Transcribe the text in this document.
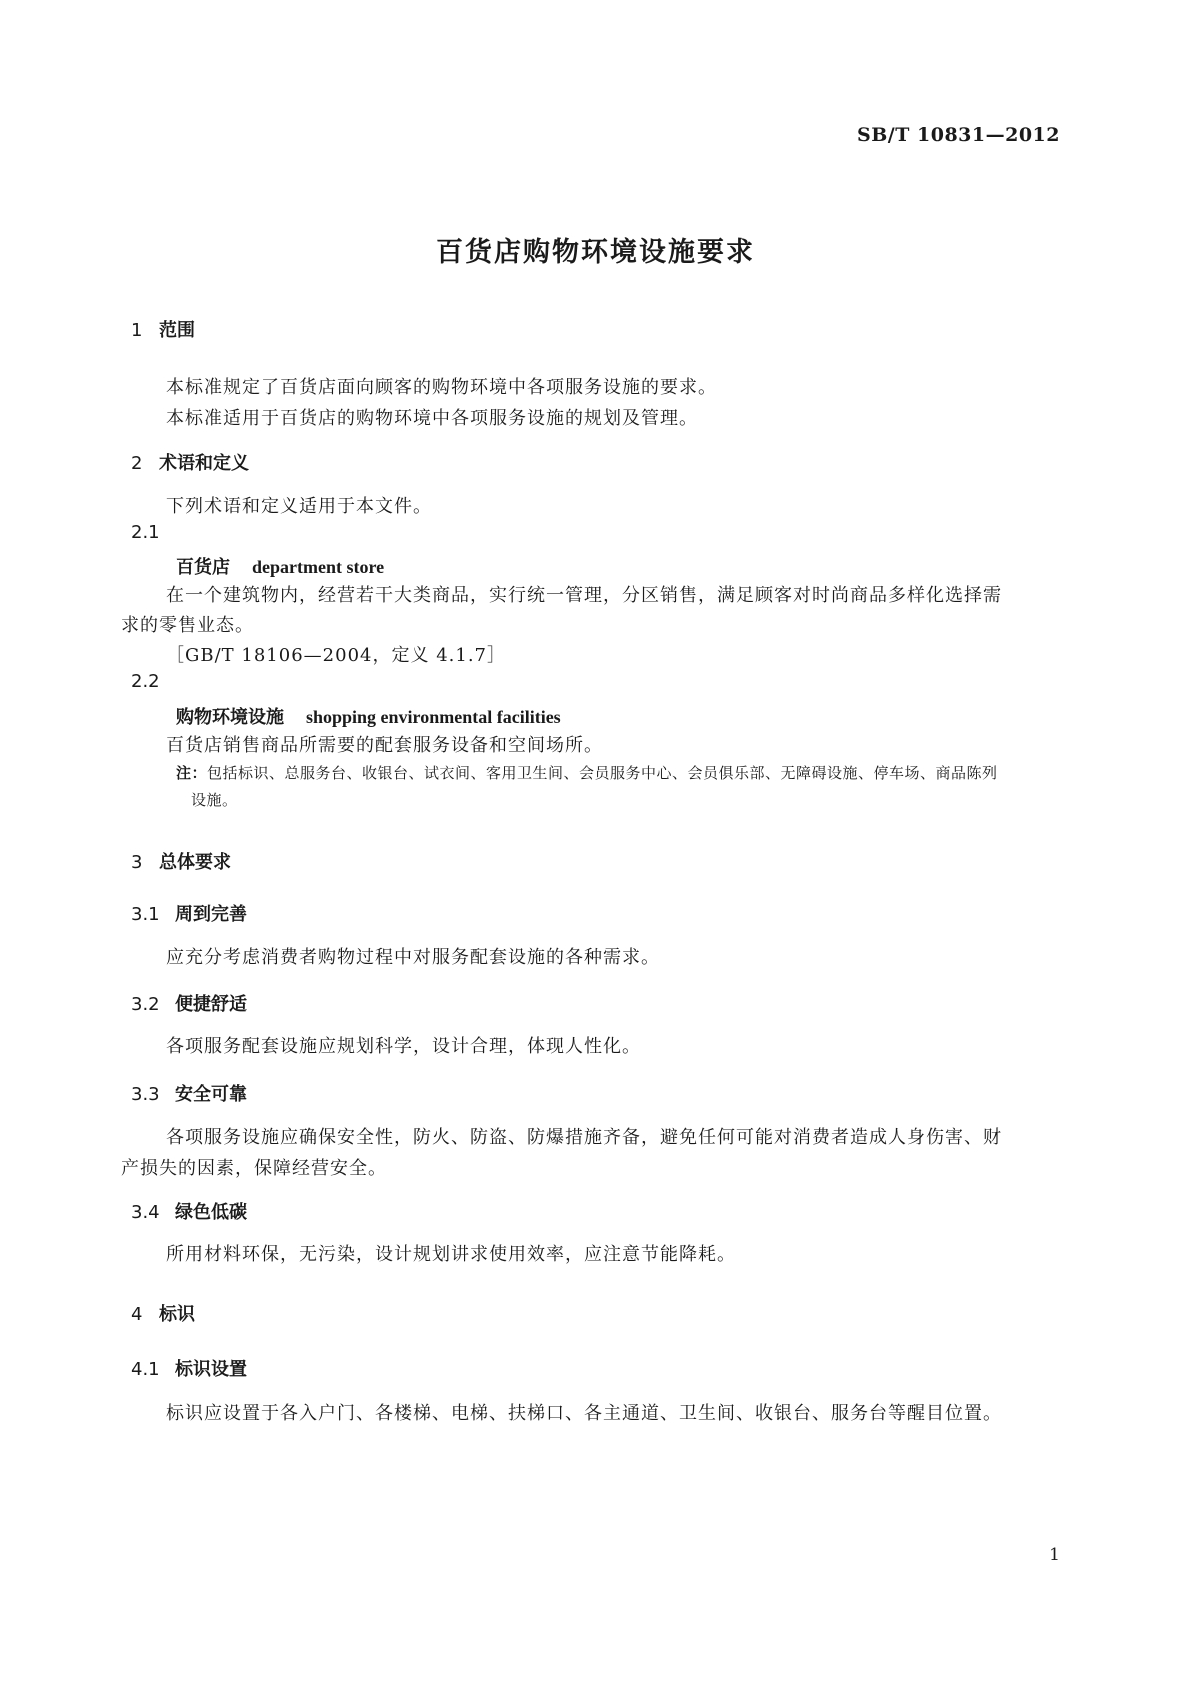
SB/T 10831—2012
百货店购物环境设施要求
1 范围
本标准规定了百货店面向顾客的购物环境中各项服务设施的要求。
本标准适用于百货店的购物环境中各项服务设施的规划及管理。
2 术语和定义
下列术语和定义适用于本文件。
2.1
百货店 department store
在一个建筑物内，经营若干大类商品，实行统一管理，分区销售，满足顾客对时尚商品多样化选择需
求的零售业态。
［GB/T 18106—2004，定义 4.1.7］
2.2
购物环境设施 shopping environmental facilities
百货店销售商品所需要的配套服务设备和空间场所。
注：包括标识、总服务台、收银台、试衣间、客用卫生间、会员服务中心、会员俱乐部、无障碍设施、停车场、商品陈列
设施。
3 总体要求
3.1 周到完善
应充分考虑消费者购物过程中对服务配套设施的各种需求。
3.2 便捷舒适
各项服务配套设施应规划科学，设计合理，体现人性化。
3.3 安全可靠
各项服务设施应确保安全性，防火、防盗、防爆措施齐备，避免任何可能对消费者造成人身伤害、财
产损失的因素，保障经营安全。
3.4 绿色低碳
所用材料环保，无污染，设计规划讲求使用效率，应注意节能降耗。
4 标识
4.1 标识设置
标识应设置于各入户门、各楼梯、电梯、扶梯口、各主通道、卫生间、收银台、服务台等醒目位置。
1
